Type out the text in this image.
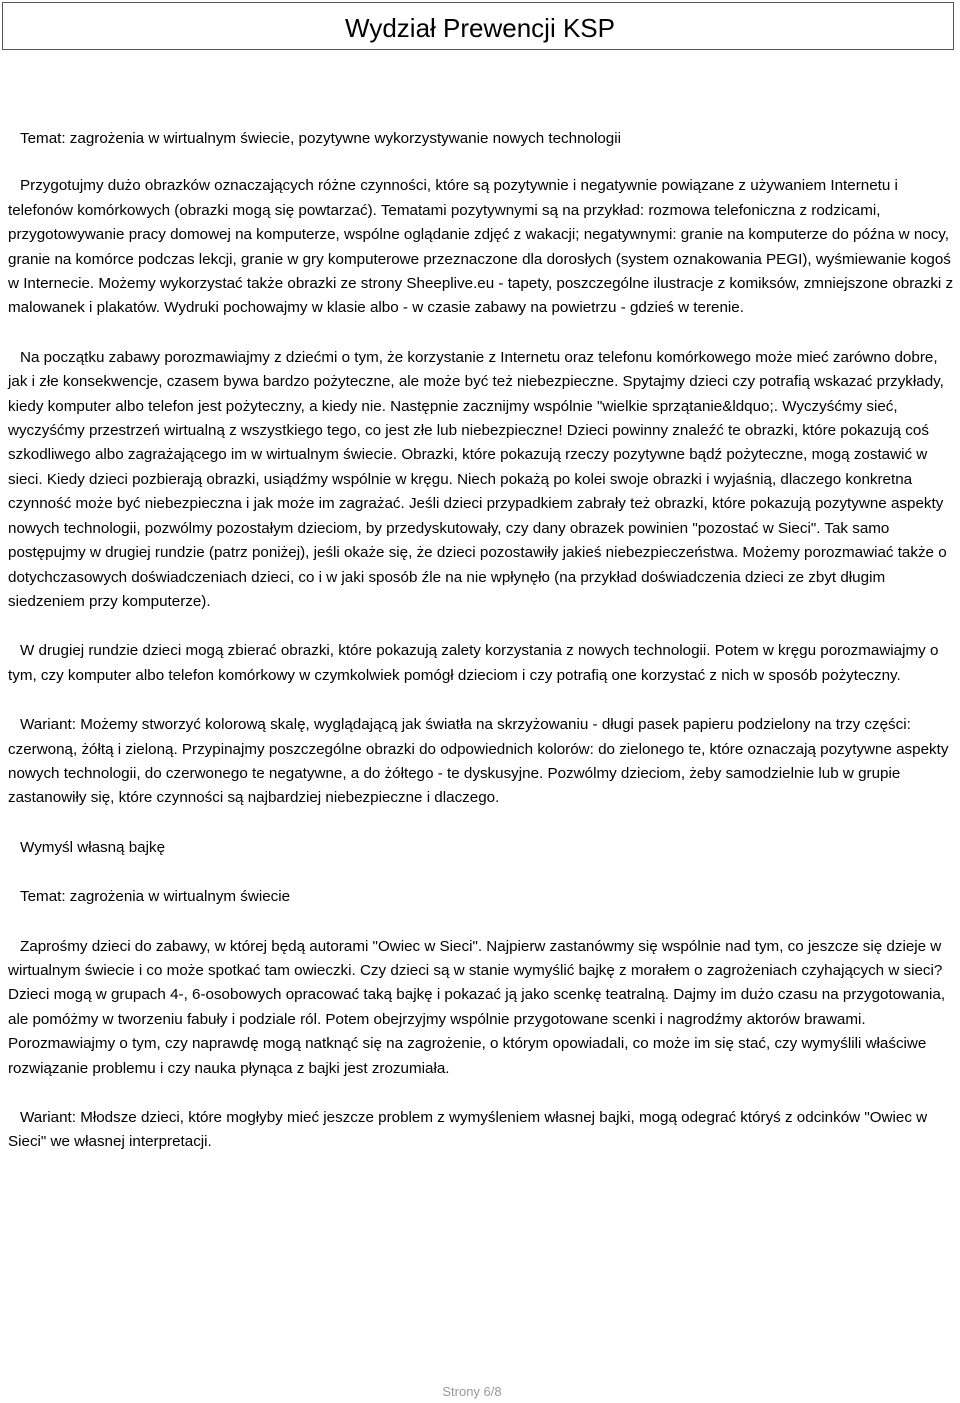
Wydział Prewencji KSP

Temat: zagrożenia w wirtualnym świecie, pozytywne wykorzystywanie nowych technologii

Przygotujmy dużo obrazków oznaczających różne czynności, które są pozytywnie i negatywnie powiązane z używaniem Internetu i telefonów komórkowych (obrazki mogą się powtarzać). Tematami pozytywnymi są na przykład: rozmowa telefoniczna z rodzicami, przygotowywanie pracy domowej na komputerze, wspólne oglądanie zdjęć z wakacji; negatywnymi: granie na komputerze do późna w nocy, granie na komórce podczas lekcji, granie w gry komputerowe przeznaczone dla dorosłych (system oznakowania PEGI), wyśmiewanie kogoś w Internecie. Możemy wykorzystać także obrazki ze strony Sheeplive.eu - tapety, poszczególne ilustracje z komiksów, zmniejszone obrazki z malowanek i plakatów. Wydruki pochowajmy w klasie albo - w czasie zabawy na powietrzu - gdzieś w terenie.

Na początku zabawy porozmawiajmy z dziećmi o tym, że korzystanie z Internetu oraz telefonu komórkowego może mieć zarówno dobre, jak i złe konsekwencje, czasem bywa bardzo pożyteczne, ale może być też niebezpieczne. Spytajmy dzieci czy potrafią wskazać przykłady, kiedy komputer albo telefon jest pożyteczny, a kiedy nie. Następnie zacznijmy wspólnie "wielkie sprzątanie&ldquo;. Wyczyśćmy sieć, wyczyśćmy przestrzeń wirtualną z wszystkiego tego, co jest złe lub niebezpieczne! Dzieci powinny znaleźć te obrazki, które pokazują coś szkodliwego albo zagrażającego im w wirtualnym świecie. Obrazki, które pokazują rzeczy pozytywne bądź pożyteczne, mogą zostawić w sieci. Kiedy dzieci pozbierają obrazki, usiądźmy wspólnie w kręgu. Niech pokażą po kolei swoje obrazki i wyjaśnią, dlaczego konkretna czynność może być niebezpieczna i jak może im zagrażać. Jeśli dzieci przypadkiem zabrały też obrazki, które pokazują pozytywne aspekty nowych technologii, pozwólmy pozostałym dzieciom, by przedyskutowały, czy dany obrazek powinien "pozostać w Sieci". Tak samo postępujmy w drugiej rundzie (patrz poniżej), jeśli okaże się, że dzieci pozostawiły jakieś niebezpieczeństwa. Możemy porozmawiać także o dotychczasowych doświadczeniach dzieci, co i w jaki sposób źle na nie wpłynęło (na przykład doświadczenia dzieci ze zbyt długim siedzeniem przy komputerze).

W drugiej rundzie dzieci mogą zbierać obrazki, które pokazują zalety korzystania z nowych technologii. Potem w kręgu porozmawiajmy o tym, czy komputer albo telefon komórkowy w czymkolwiek pomógł dzieciom i czy potrafią one korzystać z nich w sposób pożyteczny.

Wariant: Możemy stworzyć kolorową skalę, wyglądającą jak światła na skrzyżowaniu - długi pasek papieru podzielony na trzy części: czerwoną, żółtą i zieloną. Przypinajmy poszczególne obrazki do odpowiednich kolorów: do zielonego te, które oznaczają pozytywne aspekty nowych technologii, do czerwonego te negatywne, a do żółtego - te dyskusyjne. Pozwólmy dzieciom, żeby samodzielnie lub w grupie zastanowiły się, które czynności są najbardziej niebezpieczne i dlaczego.

Wymyśl własną bajkę

Temat: zagrożenia w wirtualnym świecie

Zaprośmy dzieci do zabawy, w której będą autorami "Owiec w Sieci". Najpierw zastanówmy się wspólnie nad tym, co jeszcze się dzieje w wirtualnym świecie i co może spotkać tam owieczki. Czy dzieci są w stanie wymyślić bajkę z morałem o zagrożeniach czyhających w sieci? Dzieci mogą w grupach 4-, 6-osobowych opracować taką bajkę i pokazać ją jako scenkę teatralną. Dajmy im dużo czasu na przygotowania, ale pomóżmy w tworzeniu fabuły i podziale ról. Potem obejrzyjmy wspólnie przygotowane scenki i nagrodźmy aktorów brawami. Porozmawiajmy o tym, czy naprawdę mogą natknąć się na zagrożenie, o którym opowiadali, co może im się stać, czy wymyślili właściwe rozwiązanie problemu i czy nauka płynąca z bajki jest zrozumiała.

Wariant: Młodsze dzieci, które mogłyby mieć jeszcze problem z wymyśleniem własnej bajki, mogą odegrać któryś z odcinków "Owiec w Sieci" we własnej interpretacji.

Strony 6/8
